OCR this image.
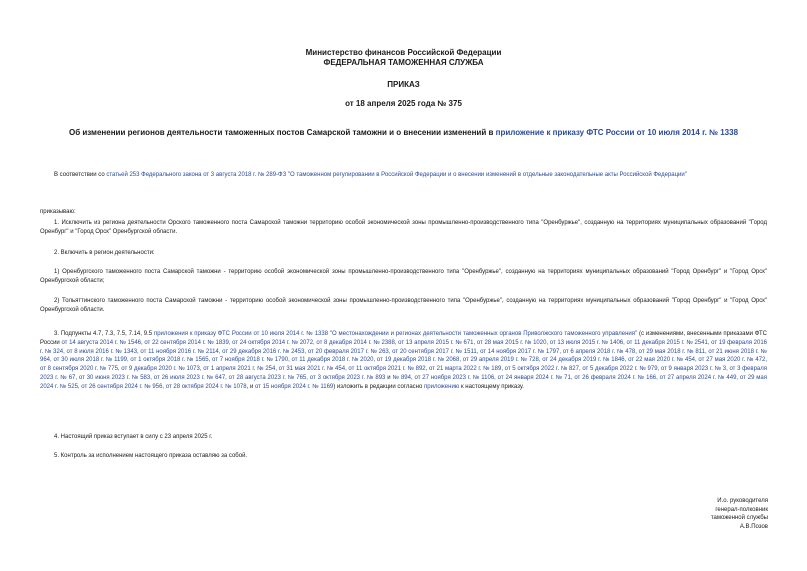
Министерство финансов Российской Федерации
ФЕДЕРАЛЬНАЯ ТАМОЖЕННАЯ СЛУЖБА
ПРИКАЗ
от 18 апреля 2025 года № 375
Об изменении регионов деятельности таможенных постов Самарской таможни и о внесении изменений в приложение к приказу ФТС России от 10 июля 2014 г. № 1338
В соответствии со статьей 253 Федерального закона от 3 августа 2018 г. № 289-ФЗ "О таможенном регулировании в Российской Федерации и о внесении изменений в отдельные законодательные акты Российской Федерации"
приказываю:
1. Исключить из региона деятельности Орского таможенного поста Самарской таможни территорию особой экономической зоны промышленно-производственного типа "Оренбуржье", созданную на территориях муниципальных образований "Город Оренбург" и "Город Орск" Оренбургской области.
2. Включить в регион деятельности:
1) Оренбургского таможенного поста Самарской таможни - территорию особой экономической зоны промышленно-производственного типа "Оренбуржье", созданную на территориях муниципальных образований "Город Оренбург" и "Город Орск" Оренбургской области;
2) Тольяттинского таможенного поста Самарской таможни - территорию особой экономической зоны промышленно-производственного типа "Оренбуржье", созданную на территориях муниципальных образований "Город Оренбург" и "Город Орск" Оренбургской области.
3. Подпункты 4.7, 7.3, 7.5, 7.14, 9.5 приложения к приказу ФТС России от 10 июля 2014 г. № 1338 "О местонахождении и регионах деятельности таможенных органов Приволжского таможенного управления" (с изменениями, внесенными приказами ФТС России от 14 августа 2014 г. № 1546, от 22 сентября 2014 г. № 1839, от 24 октября 2014 г. № 2072, от 8 декабря 2014 г. № 2388, от 13 апреля 2015 г. № 671, от 28 мая 2015 г. № 1020, от 13 июля 2015 г. № 1406, от 11 декабря 2015 г. № 2541, от 19 февраля 2016 г. № 324, от 8 июля 2016 г. № 1343, от 11 ноября 2016 г. № 2114, от 29 декабря 2016 г. № 2453, от 20 февраля 2017 г. № 263, от 20 сентября 2017 г. № 1511, от 14 ноября 2017 г. № 1797, от 6 апреля 2018 г. № 478, от 29 мая 2018 г. № 811, от 21 июня 2018 г. № 964, от 30 июля 2018 г. № 1199, от 1 октября 2018 г. № 1565, от 7 ноября 2018 г. № 1790, от 11 декабря 2018 г. № 2020, от 19 декабря 2018 г. № 2068, от 29 апреля 2019 г. № 728, от 24 декабря 2019 г. № 1846, от 22 мая 2020 г. № 454, от 27 мая 2020 г. № 472, от 8 сентября 2020 г. № 775, от 9 декабря 2020 г. № 1073, от 1 апреля 2021 г. № 254, от 31 мая 2021 г. № 454, от 11 октября 2021 г. № 892, от 21 марта 2022 г. № 189, от 5 октября 2022 г. № 827, от 5 декабря 2022 г. № 979, от 9 января 2023 г. № 3, от 3 февраля 2023 г. № 67, от 30 июня 2023 г. № 583, от 26 июля 2023 г. № 647, от 28 августа 2023 г. № 765, от 3 октября 2023 г. № 893 и № 894, от 27 ноября 2023 г. № 1106, от 24 января 2024 г. № 71, от 26 февраля 2024 г. № 166, от 27 апреля 2024 г. № 449, от 29 мая 2024 г. № 525, от 26 сентября 2024 г. № 956, от 28 октября 2024 г. № 1078, и от 15 ноября 2024 г. № 1169) изложить в редакции согласно приложению к настоящему приказу.
4. Настоящий приказ вступает в силу с 23 апреля 2025 г.
5. Контроль за исполнением настоящего приказа оставляю за собой.
И.о. руководителя
генерал-полковник
таможенной службы
А.В.Позов
